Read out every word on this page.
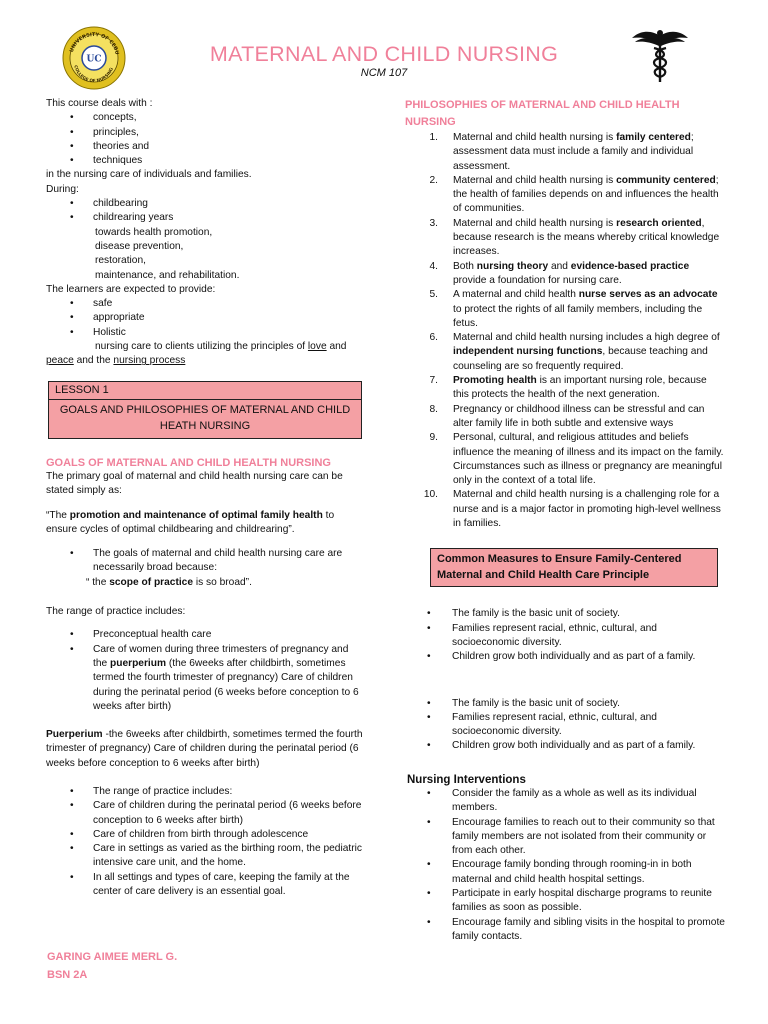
UNIVERSITY OF CEBU
COLLEGE OF NURSING
UC	MATERNAL AND CHILD NURSING
NCM 107

This course deals with :

• concepts,
• principles,
• theories and
• techniques

in the nursing care of individuals and families.

During:

• childbearing
• childrearing years

towards health promotion,

disease prevention,

restoration,

maintenance, and rehabilitation.

The learners are expected to provide:

• safe
• appropriate
• Holistic

nursing care to clients utilizing the principles of love and

peace and the nursing process

LESSON 1
GOALS AND PHILOSOPHIES OF MATERNAL AND CHILD HEATH NURSING

GOALS OF MATERNAL AND CHILD HEALTH NURSING

The primary goal of maternal and child health nursing care can be stated simply as:

“The promotion and maintenance of optimal family health to ensure cycles of optimal childbearing and childrearing”.

• The goals of maternal and child health nursing care are necessarily broad because:

“ the scope of practice is so broad”.

The range of practice includes:

• Preconceptual health care
• Care of women during three trimesters of pregnancy and the puerperium (the 6weeks after childbirth, sometimes termed the fourth trimester of pregnancy) Care of children during the perinatal period (6 weeks before conception to 6 weeks after birth)

Puerperium -the 6weeks after childbirth, sometimes termed the fourth trimester of pregnancy) Care of children during the perinatal period (6 weeks before conception to 6 weeks after birth)

• The range of practice includes:
• Care of children during the perinatal period (6 weeks before conception to 6 weeks after birth)
• Care of children from birth through adolescence
• Care in settings as varied as the birthing room, the pediatric intensive care unit, and the home.
• In all settings and types of care, keeping the family at the center of care delivery is an essential goal.

PHILOSOPHIES OF MATERNAL AND CHILD HEALTH NURSING

1. Maternal and child health nursing is family centered; assessment data must include a family and individual assessment.
2. Maternal and child health nursing is community centered; the health of families depends on and influences the health of communities.
3. Maternal and child health nursing is research oriented, because research is the means whereby critical knowledge increases.
4. Both nursing theory and evidence-based practice provide a foundation for nursing care.
5. A maternal and child health nurse serves as an advocate to protect the rights of all family members, including the fetus.
6. Maternal and child health nursing includes a high degree of independent nursing functions, because teaching and counseling are so frequently required.
7. Promoting health is an important nursing role, because this protects the health of the next generation.
8. Pregnancy or childhood illness can be stressful and can alter family life in both subtle and extensive ways
9. Personal, cultural, and religious attitudes and beliefs influence the meaning of illness and its impact on the family. Circumstances such as illness or pregnancy are meaningful only in the context of a total life.
10. Maternal and child health nursing is a challenging role for a nurse and is a major factor in promoting high-level wellness in families.
Common Measures to Ensure Family-Centered Maternal and Child Health Care Principle
• The family is the basic unit of society.
• Families represent racial, ethnic, cultural, and socioeconomic diversity.
• Children grow both individually and as part of a family.
• The family is the basic unit of society.
• Families represent racial, ethnic, cultural, and socioeconomic diversity.
• Children grow both individually and as part of a family.

Nursing Interventions

• Consider the family as a whole as well as its individual members.
• Encourage families to reach out to their community so that family members are not isolated from their community or from each other.
• Encourage family bonding through rooming-in in both maternal and child health hospital settings.
• Participate in early hospital discharge programs to reunite families as soon as possible.
• Encourage family and sibling visits in the hospital to promote family contacts.
GARING AIMEE MERL G.
BSN 2A
